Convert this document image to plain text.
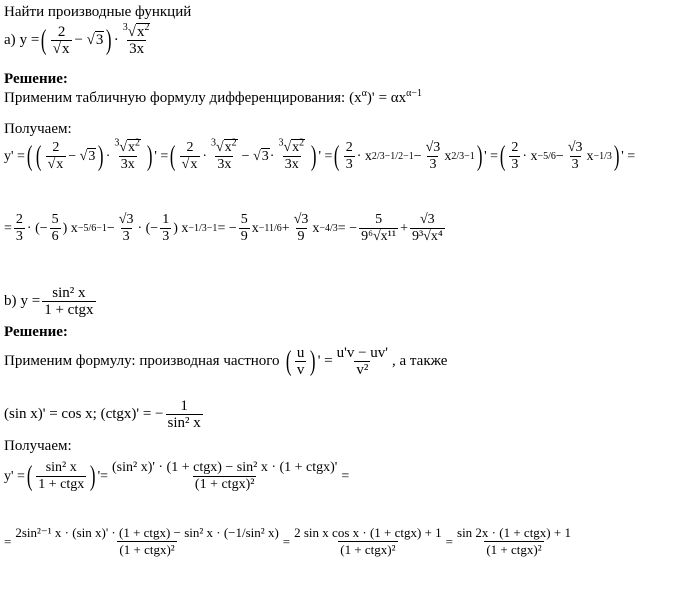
Найти производные функций
а) y = ( $\frac{2}{√x} - √3$ ) · $\frac{^3√x^2}{3x}$
Решение:
Применим табличную формулу дифференцирования: $(x^\alpha)' = \alpha x^{\alpha-1}$
Получаем:
y' = ( ( $\frac{2}{√x}$ − √ 3 ) · $\frac{^3√x^2}{3x}$ ) ' = ( $\frac{2}{√x} \cdot \frac{^3√x^2}{3x}$ − √ $3 \cdot \frac{^3√x^2}{3x}$ ) ' = ( $\frac{2}{3} \cdot x$ $2/3-1/2-1 - \frac{√3}{3}$ x 2/3−1 ) ' = ( $\frac{2}{3} \cdot x -5/6 - \frac{√3}{3}$ x −1/3 ) ' =
= $\frac{2}{3}$ · (− $\frac{5}{6}$ ) $x -5/6-1 - \frac{√3}{3}$ · (− $\frac{1}{3}$ ) x −1/3−1 = − $\frac{5}{9}$ $x -11/6 + \frac{√3}{9}$ x −4/3 = − $\frac{5}{\text{9⁶√x¹¹}} + \frac{√3}{\text{9³√x⁴}}$
b) $y = \frac{\text{sin² x}}{\text{1 + ctgx}}$
Решение:
Применим формулу: производная частного ( $\frac{u}{v}$ ) ' = $\frac{u'v - uv'}{\text{v²}}$ , а также
(sin x)' = cos x; (ctgx)' = − $\frac{1}{\text{sin² x}}$
Получаем:
y' = ( $\frac{\text{sin² x}}{\text{1 + ctgx}}$ ) ' = $\frac{\text{(sin² x)' · (1 + ctgx) − sin² x · (1 + ctgx)'}}{\text{(1 + ctgx)²}}$ =
= $\frac{\text{2sin²⁻¹ x · (sin x)' · (1 + ctgx) − sin² x · (−1/sin² x)}}{\text{(1 + ctgx)²}} = \frac{\text{2 sin x cos x · (1 + ctgx) + 1}}{\text{(1 + ctgx)²}} = \frac{\text{sin 2x · (1 + ctgx) + 1}}{\text{(1 + ctgx)²}}$
